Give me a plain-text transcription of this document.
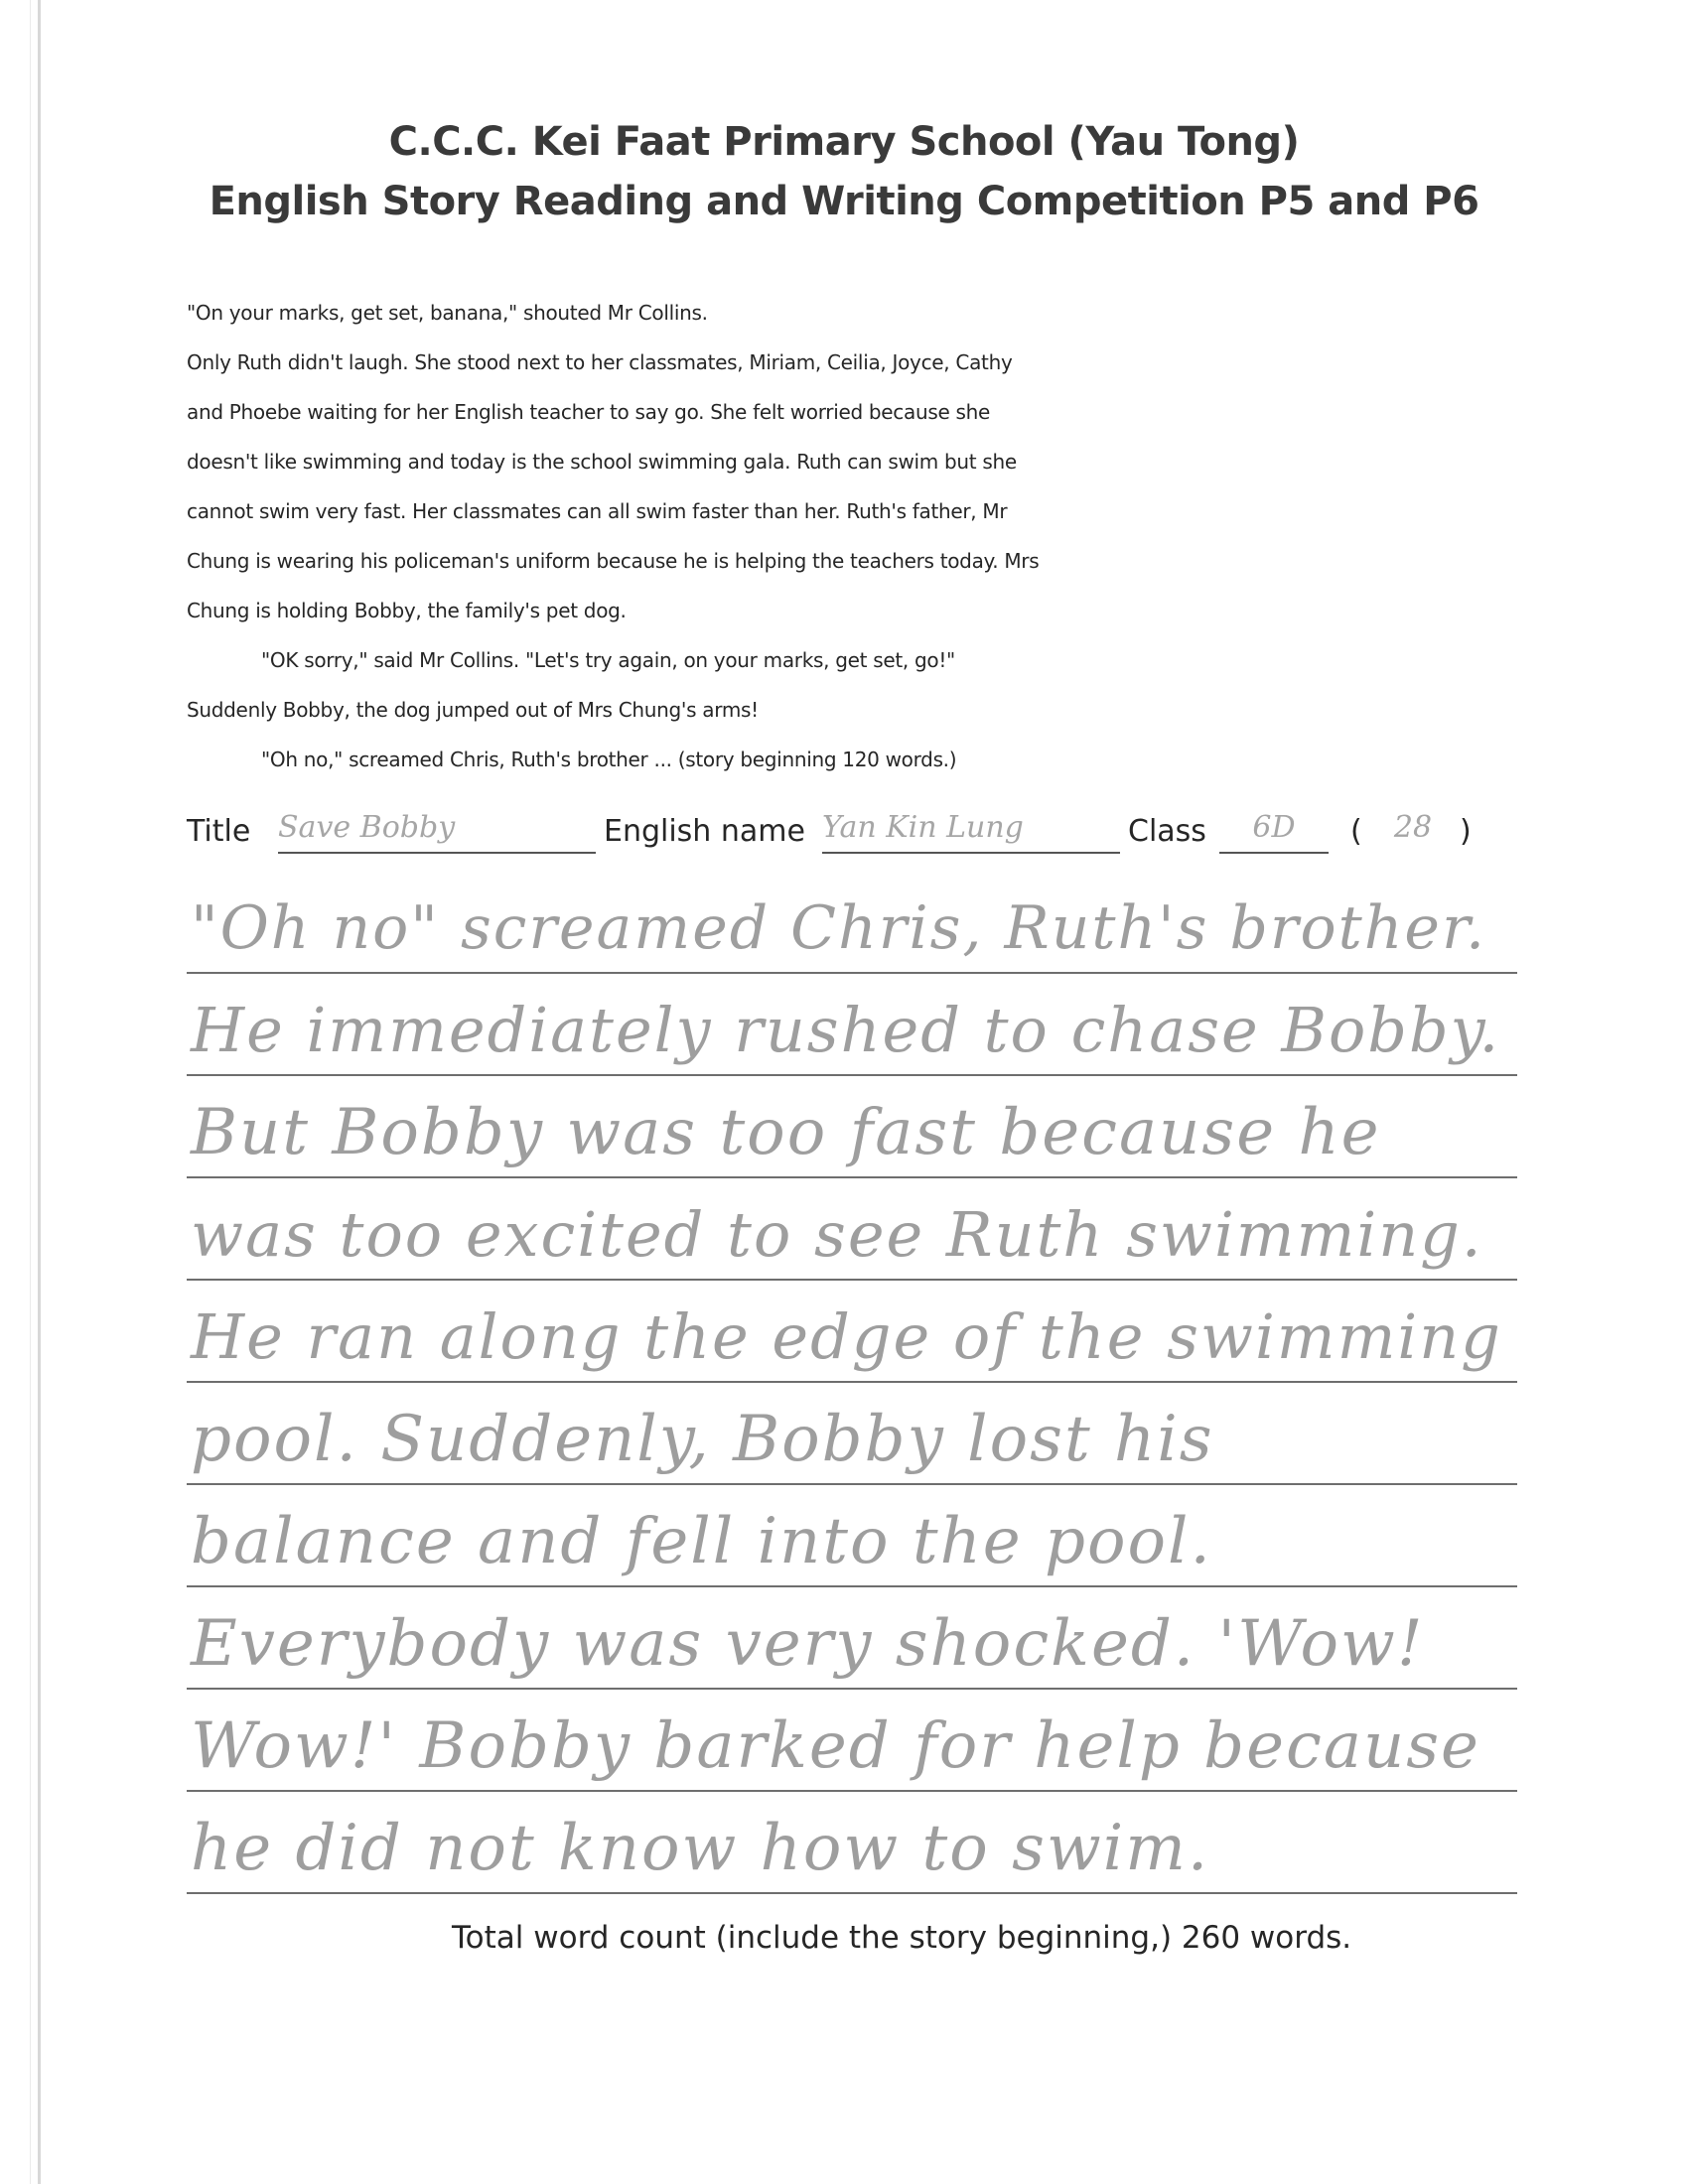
C.C.C. Kei Faat Primary School (Yau Tong)
English Story Reading and Writing Competition P5 and P6
"On your marks, get set, banana," shouted Mr Collins.
Only Ruth didn't laugh. She stood next to her classmates, Miriam, Ceilia, Joyce, Cathy
and Phoebe waiting for her English teacher to say go. She felt worried because she
doesn't like swimming and today is the school swimming gala. Ruth can swim but she
cannot swim very fast. Her classmates can all swim faster than her. Ruth's father, Mr
Chung is wearing his policeman's uniform because he is helping the teachers today. Mrs
Chung is holding Bobby, the family's pet dog.
"OK sorry," said Mr Collins. "Let's try again, on your marks, get set, go!"
Suddenly Bobby, the dog jumped out of Mrs Chung's arms!
"Oh no," screamed Chris, Ruth's brother ... (story beginning 120 words.)
Title Save Bobby	English name Yan Kin Lung	Class	6D	(	28 )
"Oh no" screamed Chris, Ruth's brother.
He immediately rushed to chase Bobby.
But Bobby was too fast because he
was too excited to see Ruth swimming.
He ran along the edge of the swimming
pool. Suddenly, Bobby lost his
balance and fell into the pool.
Everybody was very shocked. 'Wow!
Wow!' Bobby barked for help because
he did not know how to swim.
Total word count (include the story beginning,) 260 words.
